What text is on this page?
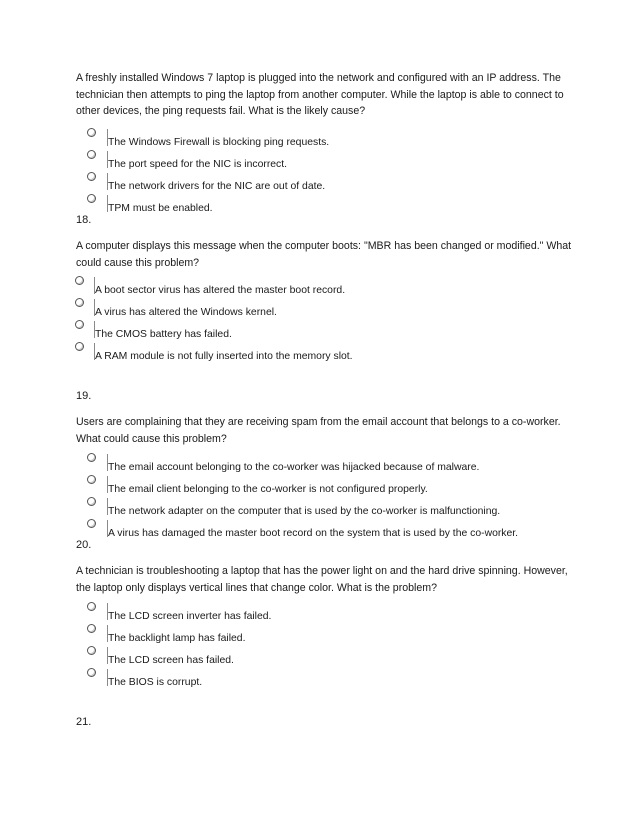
A freshly installed Windows 7 laptop is plugged into the network and configured with an IP address. The technician then attempts to ping the laptop from another computer. While the laptop is able to connect to other devices, the ping requests fail. What is the likely cause?

The Windows Firewall is blocking ping requests.
The port speed for the NIC is incorrect.
The network drivers for the NIC are out of date.
TPM must be enabled.

18.

A computer displays this message when the computer boots: "MBR has been changed or modified." What could cause this problem?

A boot sector virus has altered the master boot record.
A virus has altered the Windows kernel.
The CMOS battery has failed.
A RAM module is not fully inserted into the memory slot.

19.

Users are complaining that they are receiving spam from the email account that belongs to a co-worker. What could cause this problem?

The email account belonging to the co-worker was hijacked because of malware.
The email client belonging to the co-worker is not configured properly.
The network adapter on the computer that is used by the co-worker is malfunctioning.
A virus has damaged the master boot record on the system that is used by the co-worker.

20.

A technician is troubleshooting a laptop that has the power light on and the hard drive spinning. However, the laptop only displays vertical lines that change color. What is the problem?

The LCD screen inverter has failed.
The backlight lamp has failed.
The LCD screen has failed.
The BIOS is corrupt.

21.
